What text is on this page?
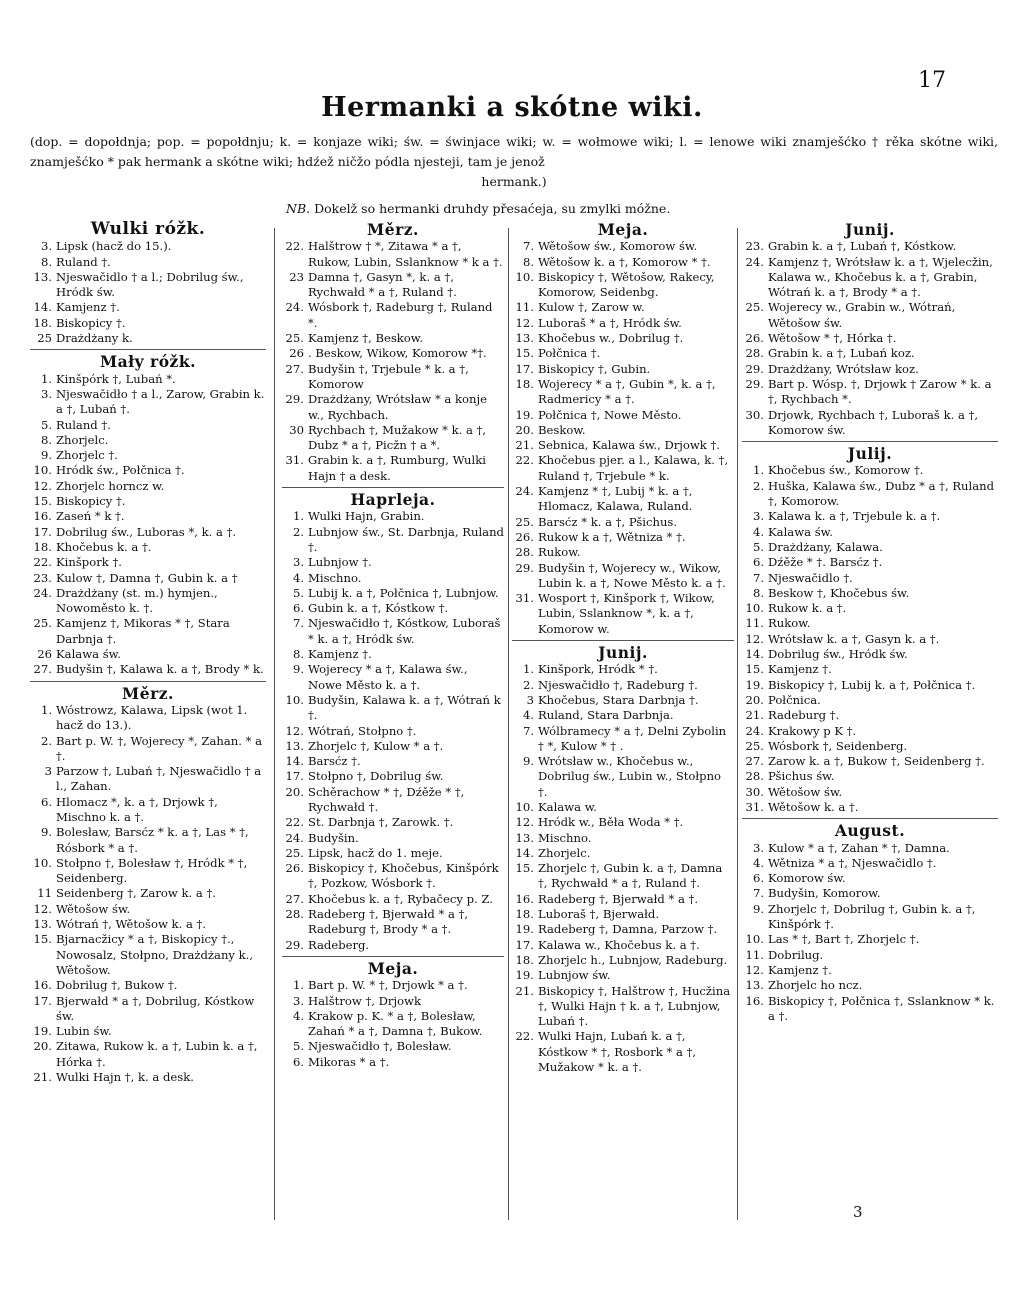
17
Hermanki a skótne wiki.
(dop. = dopołdnja; pop. = popołdnju; k. = konjaze wiki; św. = świnjace wiki; w. = wołmowe wiki; l. = lenowe wiki znamješćko † rěka skótne wiki, znamješćko * pak hermank a skótne wiki; hdźež ničžo pódla njesteji, tam je jenož
hermank.)
NB. Dokelž so hermanki druhdy přesaćeja, su zmylki móžne.
Wulki róžk.
3. Lipsk (hacž do 15.).
8. Ruland †.
13. Njeswačidlo † a l.; Dobrilug św., Hródk św.
14. Kamjenz †.
18. Biskopicy †.
25 Drażdżany k.
Mały róžk.
1. Kinšpórk †, Lubań *.
3. Njeswačidło † a l., Zarow, Grabin k. a †, Lubań †.
5. Ruland †.
8. Zhorjelc.
9. Zhorjelc †.
10. Hródk św., Połčnica †.
12. Zhorjelc horncz w.
15. Biskopicy †.
16. Zaseń * k †.
17. Dobrilug św., Luboras *, k. a †.
18. Khočebus k. a †.
22. Kinšpork †.
23. Kulow †, Damna †, Gubin k. a †
24. Drażdżany (st. m.) hymjen., Nowoměsto k. †.
25. Kamjenz †, Mikoras * †, Stara Darbnja †.
26 Kalawa św.
27. Budyšin †, Kalawa k. a †, Brody * k.
Měrz.
1. Wóstrowz, Kalawa, Lipsk (wot 1. hacž do 13.).
2. Bart p. W. †, Wojerecy *, Zahan. * a †.
3 Parzow †, Lubań †, Njeswačidlo † a l., Zahan.
6. Hlomacz *, k. a †, Drjowk †, Mischno k. a †.
9. Bolesław, Barsćz * k. a †, Las * †, Rósbork * a †.
10. Stołpno †, Bolesław †, Hródk * †, Seidenberg.
11 Seidenberg †, Zarow k. a †.
12. Wětošow św.
13. Wótrań †, Wětošow k. a †.
15. Bjarnacžicy * a †, Biskopicy †., Nowosalz, Stołpno, Drażdżany k., Wětošow.
16. Dobrilug †, Bukow †.
17. Bjerwałd * a †, Dobrilug, Kóstkow św.
19. Lubin św.
20. Zitawa, Rukow k. a †, Lubin k. a †, Hórka †.
21. Wulki Hajn †, k. a desk.
Měrz.
22. Halštrow † *, Zitawa * a †, Rukow, Lubin, Sslanknow * k a †.
23 Damna †, Gasyn *, k. a †, Rychwałd * a †, Ruland †.
24. Wósbork †, Radeburg †, Ruland *.
25. Kamjenz †, Beskow.
26 . Beskow, Wikow, Komorow *†.
27. Budyšin †, Trjebule * k. a †, Komorow
29. Drażdżany, Wrótsław * a konje w., Rychbach.
30 Rychbach †, Mužakow * k. a †, Dubz * a †, Picžn † a *.
31. Grabin k. a †, Rumburg, Wulki Hajn † a desk.
Haprleja.
1. Wulki Hajn, Grabin.
2. Lubnjow św., St. Darbnja, Ruland †.
3. Lubnjow †.
4. Mischno.
5. Lubij k. a †, Połčnica †, Lubnjow.
6. Gubin k. a †, Kóstkow †.
7. Njeswačidło †, Kóstkow, Luboraš * k. a †, Hródk św.
8. Kamjenz †.
9. Wojerecy * a †, Kalawa św., Nowe Město k. a †.
10. Budyšin, Kalawa k. a †, Wótrań k †.
12. Wótrań, Stołpno †.
13. Zhorjelc †, Kulow * a †.
14. Barsćz †.
17. Stołpno †, Dobrilug św.
20. Schěrachow * †, Dźěže * †, Rychwałd †.
22. St. Darbnja †, Zarowk. †.
24. Budyšin.
25. Lipsk, hacž do 1. meje.
26. Biskopicy †, Khočebus, Kinšpórk †, Pozkow, Wósbork †.
27. Khočebus k. a †, Rybačecy p. Z.
28. Radeberg †, Bjerwałd * a †, Radeburg †, Brody * a †.
29. Radeberg.
Meja.
1. Bart p. W. * †, Drjowk * a †.
3. Halštrow †, Drjowk
4. Krakow p. K. * a †, Bolesław, Zahań * a †, Damna †, Bukow.
5. Njeswačidło †, Bolesław.
6. Mikoras * a †.
Meja.
7. Wětošow św., Komorow św.
8. Wětošow k. a †, Komorow * †.
10. Biskopicy †, Wětošow, Rakecy, Komorow, Seidenbg.
11. Kulow †, Zarow w.
12. Luboraš * a †, Hródk św.
13. Khočebus w., Dobrilug †.
15. Połčnica †.
17. Biskopicy †, Gubin.
18. Wojerecy * a †, Gubin *, k. a †, Radmericy * a †.
19. Połčnica †, Nowe Město.
20. Beskow.
21. Sebnica, Kalawa św., Drjowk †.
22. Khočebus pjer. a l., Kalawa, k. †, Ruland †, Trjebule * k.
24. Kamjenz * †, Lubij * k. a †, Hlomacz, Kalawa, Ruland.
25. Barsćz * k. a †, Pšichus.
26. Rukow k a †, Wětniza * †.
28. Rukow.
29. Budyšin †, Wojerecy w., Wikow, Lubin k. a †, Nowe Město k. a †.
31. Wosport †, Kinšpork †, Wikow, Lubin, Sslanknow *, k. a †, Komorow w.
Junij.
1. Kinšpork, Hródk * †.
2. Njeswačidło †, Radeburg †.
3 Khočebus, Stara Darbnja †.
4. Ruland, Stara Darbnja.
7. Wólbramecy * a †, Delni Zybolin † *, Kulow * † .
9. Wrótsław w., Khočebus w., Dobrilug św., Lubin w., Stołpno †.
10. Kalawa w.
12. Hródk w., Běła Woda * †.
13. Mischno.
14. Zhorjelc.
15. Zhorjelc †, Gubin k. a †, Damna †, Rychwałd * a †, Ruland †.
16. Radeberg †, Bjerwałd * a †.
18. Luboraš †, Bjerwałd.
19. Radeberg †, Damna, Parzow †.
17. Kalawa w., Khočebus k. a †.
18. Zhorjelc h., Lubnjow, Radeburg.
19. Lubnjow św.
21. Biskopicy †, Halštrow †, Hucžina †, Wulki Hajn † k. a †, Lubnjow, Lubań †.
22. Wulki Hajn, Lubań k. a †, Kóstkow * †, Rosbork * a †, Mužakow * k. a †.
Junij.
23. Grabin k. a †, Lubań †, Kóstkow.
24. Kamjenz †, Wrótsław k. a †, Wjelecžin, Kalawa w., Khočebus k. a †, Grabin, Wótrań k. a †, Brody * a †.
25. Wojerecy w., Grabin w., Wótrań, Wětošow św.
26. Wětošow * †, Hórka †.
28. Grabin k. a †, Lubań koz.
29. Drażdżany, Wrótsław koz.
29. Bart p. Wósp. †, Drjowk † Zarow * k. a †, Rychbach *.
30. Drjowk, Rychbach †, Luboraš k. a †, Komorow św.
Julij.
1. Khočebus św., Komorow †.
2. Huška, Kalawa św., Dubz * a †, Ruland †, Komorow.
3. Kalawa k. a †, Trjebule k. a †.
4. Kalawa św.
5. Drażdżany, Kalawa.
6. Dźěže * †. Barsćz †.
7. Njeswačidlo †.
8. Beskow †, Khočebus św.
10. Rukow k. a †.
11. Rukow.
12. Wrótsław k. a †, Gasyn k. a †.
14. Dobrilug św., Hródk św.
15. Kamjenz †.
19. Biskopicy †, Lubij k. a †, Połčnica †.
20. Połčnica.
21. Radeburg †.
24. Krakowy p K †.
25. Wósbork †, Seidenberg.
27. Zarow k. a †, Bukow †, Seidenberg †.
28. Pšichus św.
30. Wětošow św.
31. Wětošow k. a †.
August.
3. Kulow * a †, Zahan * †, Damna.
4. Wětniza * a †, Njeswačidlo †.
6. Komorow św.
7. Budyšin, Komorow.
9. Zhorjelc †, Dobrilug †, Gubin k. a †, Kinšpórk †.
10. Las * †, Bart †, Zhorjelc †.
11. Dobrilug.
12. Kamjenz †.
13. Zhorjelc ho ncz.
16. Biskopicy †, Połčnica †, Sslanknow * k. a †.
3
